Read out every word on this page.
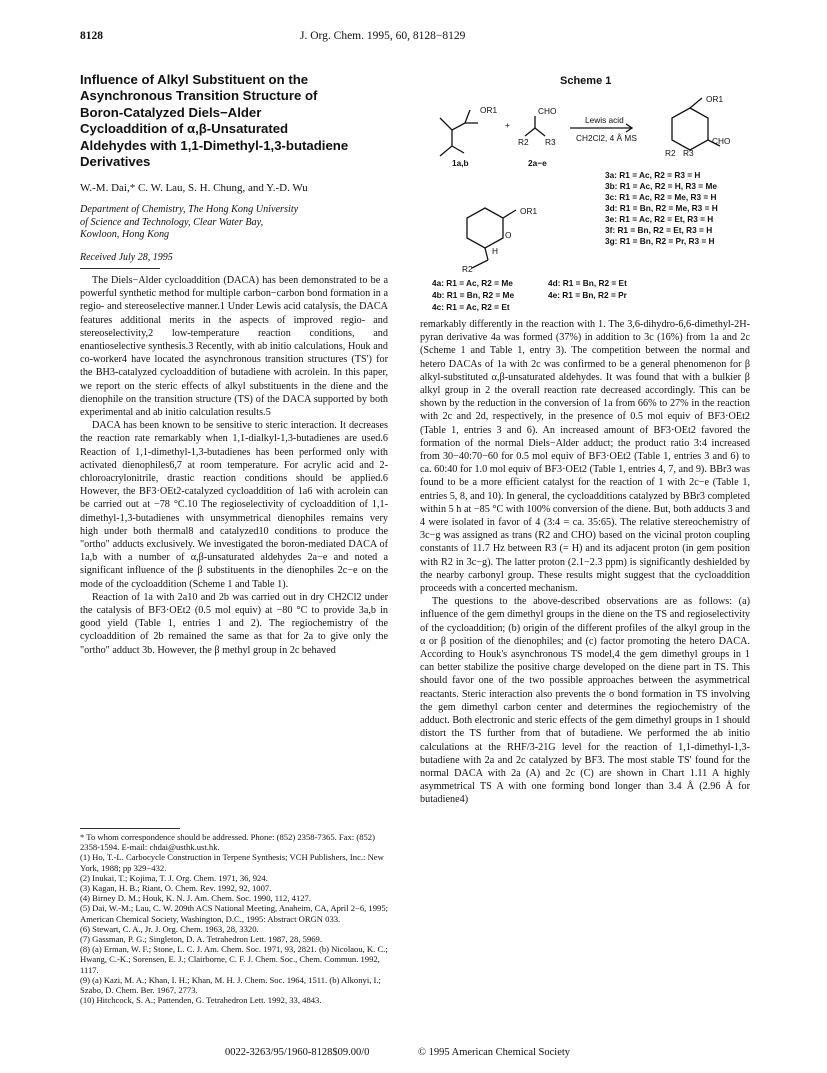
8128	J. Org. Chem. 1995, 60, 8128−8129
Influence of Alkyl Substituent on the
Asynchronous Transition Structure of
Boron-Catalyzed Diels−Alder
Cycloaddition of α,β-Unsaturated
Aldehydes with 1,1-Dimethyl-1,3-butadiene
Derivatives
W.-M. Dai,* C. W. Lau, S. H. Chung, and Y.-D. Wu
Department of Chemistry, The Hong Kong University
of Science and Technology, Clear Water Bay,
Kowloon, Hong Kong
Received July 28, 1995

The Diels−Alder cycloaddition (DACA) has been demonstrated to be a powerful synthetic method for multiple carbon−carbon bond formation in a regio- and stereoselective manner.1 Under Lewis acid catalysis, the DACA features additional merits in the aspects of improved regio- and stereoselectivity,2 low-temperature reaction conditions, and enantioselective synthesis.3 Recently, with ab initio calculations, Houk and co-worker4 have located the asynchronous transition structures (TS') for the BH3-catalyzed cycloaddition of butadiene with acrolein. In this paper, we report on the steric effects of alkyl substituents in the diene and the dienophile on the transition structure (TS) of the DACA supported by both experimental and ab initio calculation results.5

DACA has been known to be sensitive to steric interaction. It decreases the reaction rate remarkably when 1,1-dialkyl-1,3-butadienes are used.6 Reaction of 1,1-dimethyl-1,3-butadienes has been performed only with activated dienophiles6,7 at room temperature. For acrylic acid and 2-chloroacrylonitrile, drastic reaction conditions should be applied.6 However, the BF3·OEt2-catalyzed cycloaddition of 1a6 with acrolein can be carried out at −78 °C.10 The regioselectivity of cycloaddition of 1,1-dimethyl-1,3-butadienes with unsymmetrical dienophiles remains very high under both thermal8 and catalyzed10 conditions to produce the "ortho" adducts exclusively. We investigated the boron-mediated DACA of 1a,b with a number of α,β-unsaturated aldehydes 2a−e and noted a significant influence of the β substituents in the dienophiles 2c−e on the mode of the cycloaddition (Scheme 1 and Table 1).

Reaction of 1a with 2a10 and 2b was carried out in dry CH2Cl2 under the catalysis of BF3·OEt2 (0.5 mol equiv) at −80 °C to provide 3a,b in good yield (Table 1, entries 1 and 2). The regiochemistry of the cycloaddition of 2b remained the same as that for 2a to give only the "ortho" adduct 3b. However, the β methyl group in 2c behaved

* To whom correspondence should be addressed. Phone: (852) 2358-7365. Fax: (852) 2358-1594. E-mail: chdai@usthk.ust.hk.
(1) Ho, T.-L. Carbocycle Construction in Terpene Synthesis; VCH Publishers, Inc.: New York, 1988; pp 329−432.
(2) Inukai, T.; Kojima, T. J. Org. Chem. 1971, 36, 924.
(3) Kagan, H. B.; Riant, O. Chem. Rev. 1992, 92, 1007.
(4) Birney D. M.; Houk, K. N. J. Am. Chem. Soc. 1990, 112, 4127.
(5) Dai, W.-M.; Lau, C. W. 209th ACS National Meeting, Anaheim, CA, April 2−6, 1995; American Chemical Society, Washington, D.C., 1995: Abstract ORGN 033.
(6) Stewart, C. A., Jr. J. Org. Chem. 1963, 28, 3320.
(7) Gassman, P. G.; Singleton, D. A. Tetrahedron Lett. 1987, 28, 5969.
(8) (a) Erman, W. F.; Stone, L. C. J. Am. Chem. Soc. 1971, 93, 2821. (b) Nicolaou, K. C.; Hwang, C.-K.; Sorensen, E. J.; Clairborne, C. F. J. Chem. Soc., Chem. Commun. 1992, 1117.
(9) (a) Kazi, M. A.; Khan, I. H.; Khan, M. H. J. Chem. Soc. 1964, 1511. (b) Alkonyi, I.; Szabo, D. Chem. Ber. 1967, 2773.
(10) Hitchcock, S. A.; Pattenden, G. Tetrahedron Lett. 1992, 33, 4843.
Scheme 1
OR1
+
CHO
R2 R3
1a,b	2a−e
Lewis acid
CH2Cl2, 4 Å MS
OR1
CHO
R2 R3
OR1
O
H
R2
3a: R1 = Ac, R2 = R3 = H
3b: R1 = Ac, R2 = H, R3 = Me
3c: R1 = Ac, R2 = Me, R3 = H
3d: R1 = Bn, R2 = Me, R3 = H
3e: R1 = Ac, R2 = Et, R3 = H
3f: R1 = Bn, R2 = Et, R3 = H
3g: R1 = Bn, R2 = Pr, R3 = H
4a: R1 = Ac, R2 = Me	4d: R1 = Bn, R2 = Et
4b: R1 = Bn, R2 = Me	4e: R1 = Bn, R2 = Pr
4c: R1 = Ac, R2 = Et

remarkably differently in the reaction with 1. The 3,6-dihydro-6,6-dimethyl-2H-pyran derivative 4a was formed (37%) in addition to 3c (16%) from 1a and 2c (Scheme 1 and Table 1, entry 3). The competition between the normal and hetero DACAs of 1a with 2c was confirmed to be a general phenomenon for β alkyl-substituted α,β-unsaturated aldehydes. It was found that with a bulkier β alkyl group in 2 the overall reaction rate decreased accordingly. This can be shown by the reduction in the conversion of 1a from 66% to 27% in the reaction with 2c and 2d, respectively, in the presence of 0.5 mol equiv of BF3·OEt2 (Table 1, entries 3 and 6). An increased amount of BF3·OEt2 favored the formation of the normal Diels−Alder adduct; the product ratio 3:4 increased from 30−40:70−60 for 0.5 mol equiv of BF3·OEt2 (Table 1, entries 3 and 6) to ca. 60:40 for 1.0 mol equiv of BF3·OEt2 (Table 1, entries 4, 7, and 9). BBr3 was found to be a more efficient catalyst for the reaction of 1 with 2c−e (Table 1, entries 5, 8, and 10). In general, the cycloadditions catalyzed by BBr3 completed within 5 h at −85 °C with 100% conversion of the diene. But, both adducts 3 and 4 were isolated in favor of 4 (3:4 = ca. 35:65). The relative stereochemistry of 3c−g was assigned as trans (R2 and CHO) based on the vicinal proton coupling constants of 11.7 Hz between R3 (= H) and its adjacent proton (in gem position with R2 in 3c−g). The latter proton (2.1−2.3 ppm) is significantly deshielded by the nearby carbonyl group. These results might suggest that the cycloaddition proceeds with a concerted mechanism.

The questions to the above-described observations are as follows: (a) influence of the gem dimethyl groups in the diene on the TS and regioselectivity of the cycloaddition; (b) origin of the different profiles of the alkyl group in the α or β position of the dienophiles; and (c) factor promoting the hetero DACA. According to Houk's asynchronous TS model,4 the gem dimethyl groups in 1 can better stabilize the positive charge developed on the diene part in TS. This should favor one of the two possible approaches between the asymmetrical reactants. Steric interaction also prevents the σ bond formation in TS involving the gem dimethyl carbon center and determines the regiochemistry of the adduct. Both electronic and steric effects of the gem dimethyl groups in 1 should distort the TS further from that of butadiene. We performed the ab initio calculations at the RHF/3-21G level for the reaction of 1,1-dimethyl-1,3-butadiene with 2a and 2c catalyzed by BF3. The most stable TS' found for the normal DACA with 2a (A) and 2c (C) are shown in Chart 1.11 A highly asymmetrical TS A with one forming bond longer than 3.4 Å (2.96 Å for butadiene4)

0022-3263/95/1960-8128$09.00/0	© 1995 American Chemical Society
